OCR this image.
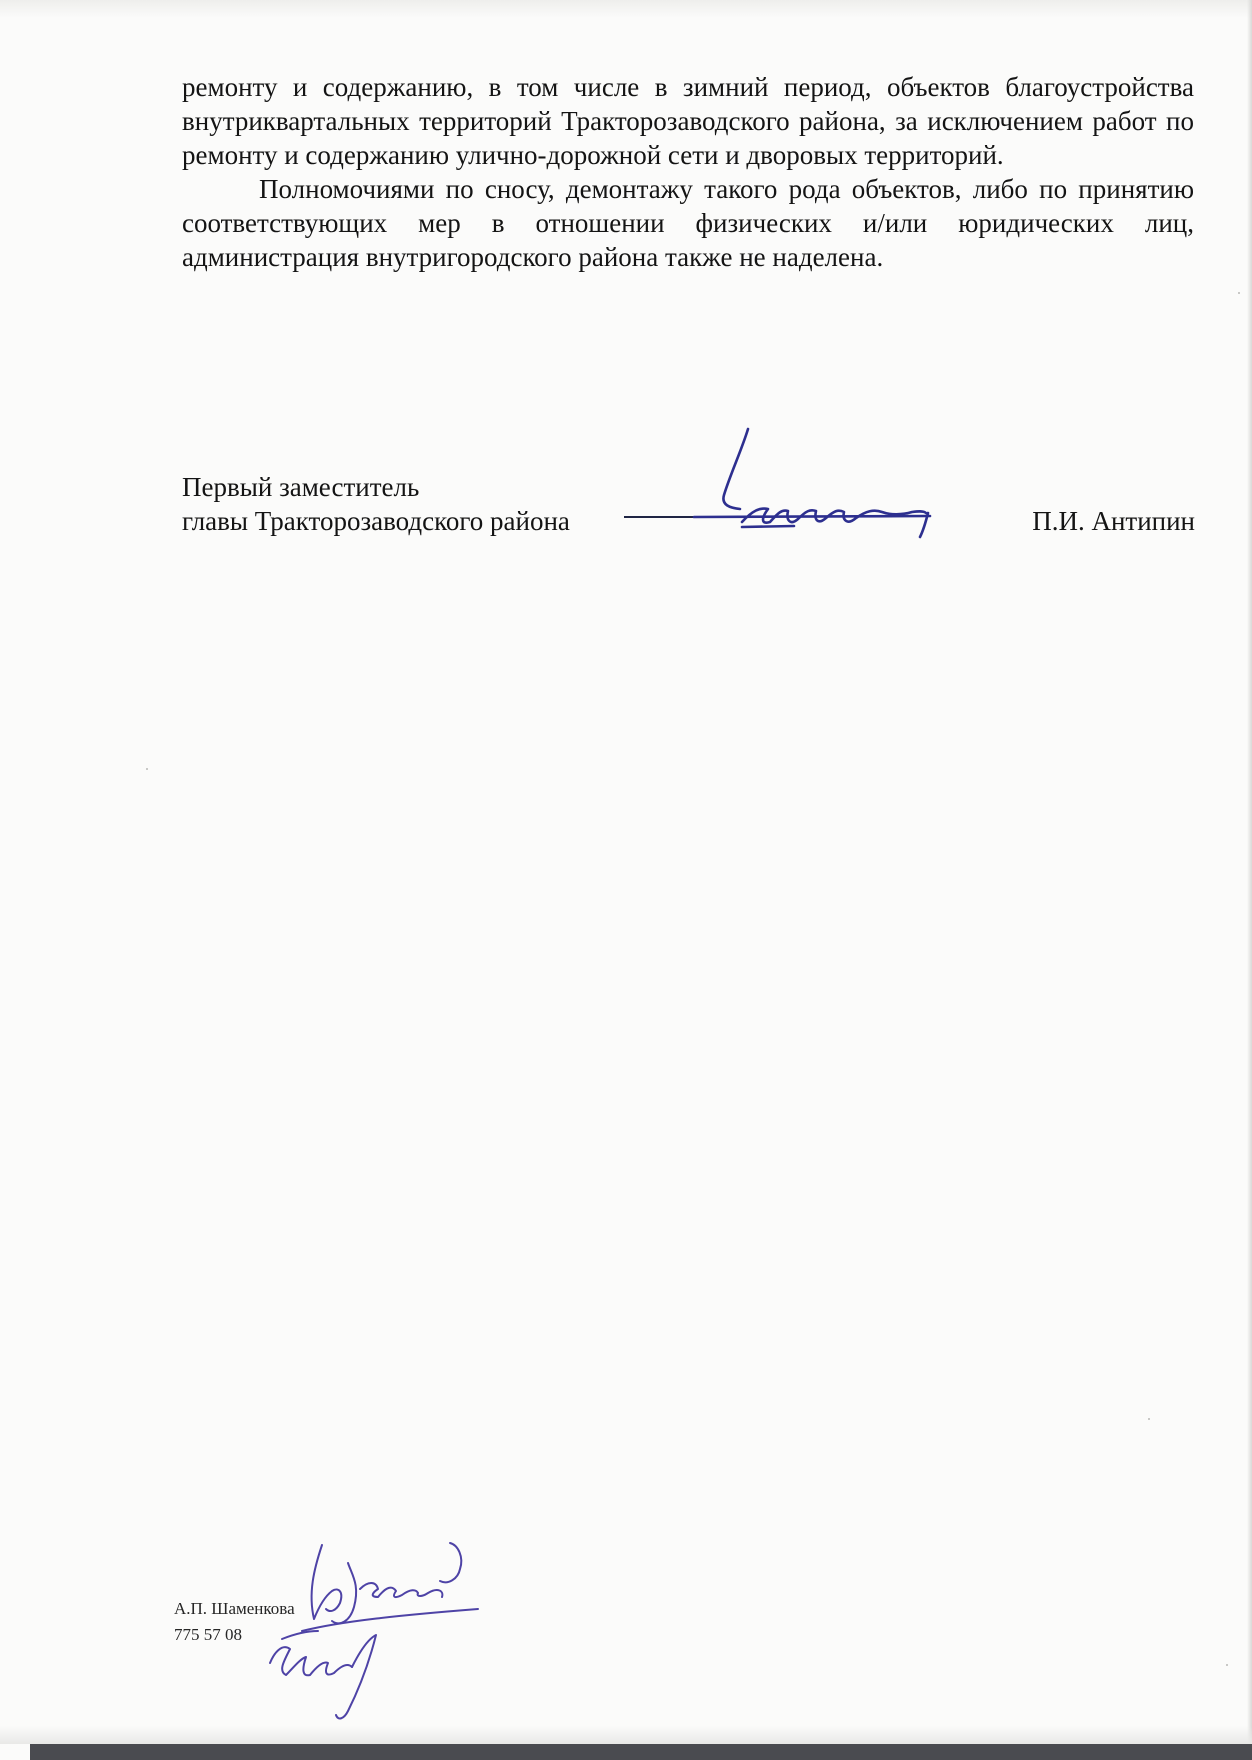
ремонту и содержанию, в том числе в зимний период, объектов благоустройства внутриквартальных территорий Тракторозаводского района, за исключением работ по ремонту и содержанию улично-дорожной сети и дворовых территорий.

Полномочиями по сносу, демонтажу такого рода объектов, либо по принятию соответствующих мер в отношении физических и/или юридических лиц, администрация внутригородского района также не наделена.

Первый заместитель
главы Тракторозаводского района	П.И. Антипин
А.П. Шаменкова
775 57 08
